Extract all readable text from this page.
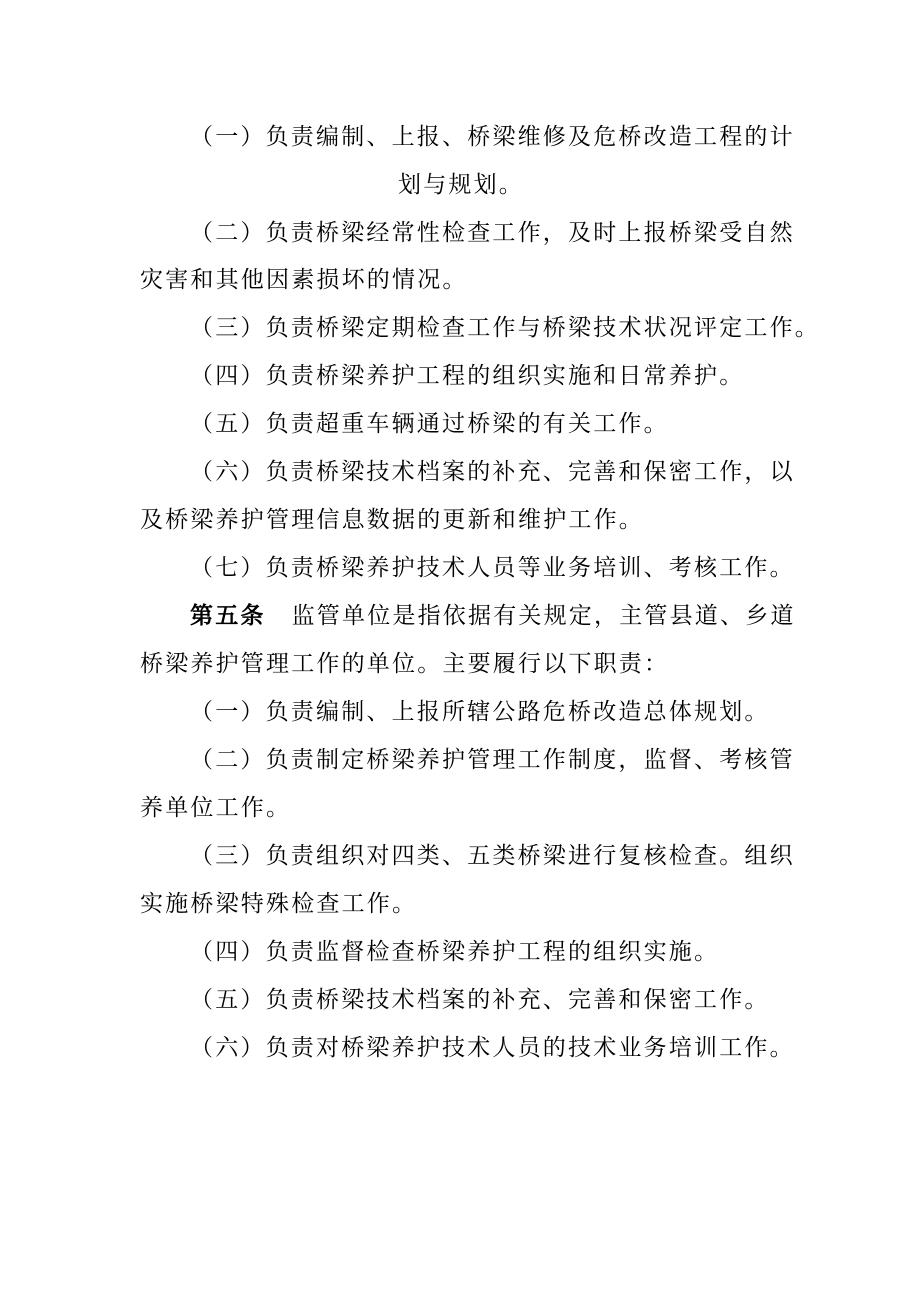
（一）负责编制、上报、桥梁维修及危桥改造工程的计
划与规划。
（二）负责桥梁经常性检查工作，及时上报桥梁受自然
灾害和其他因素损坏的情况。
（三）负责桥梁定期检查工作与桥梁技术状况评定工作。
（四）负责桥梁养护工程的组织实施和日常养护。
（五）负责超重车辆通过桥梁的有关工作。
（六）负责桥梁技术档案的补充、完善和保密工作，以
及桥梁养护管理信息数据的更新和维护工作。
（七）负责桥梁养护技术人员等业务培训、考核工作。
第五条 监管单位是指依据有关规定，主管县道、乡道
桥梁养护管理工作的单位。主要履行以下职责：
（一）负责编制、上报所辖公路危桥改造总体规划。
（二）负责制定桥梁养护管理工作制度，监督、考核管
养单位工作。
（三）负责组织对四类、五类桥梁进行复核检查。组织
实施桥梁特殊检查工作。
（四）负责监督检查桥梁养护工程的组织实施。
（五）负责桥梁技术档案的补充、完善和保密工作。
（六）负责对桥梁养护技术人员的技术业务培训工作。
